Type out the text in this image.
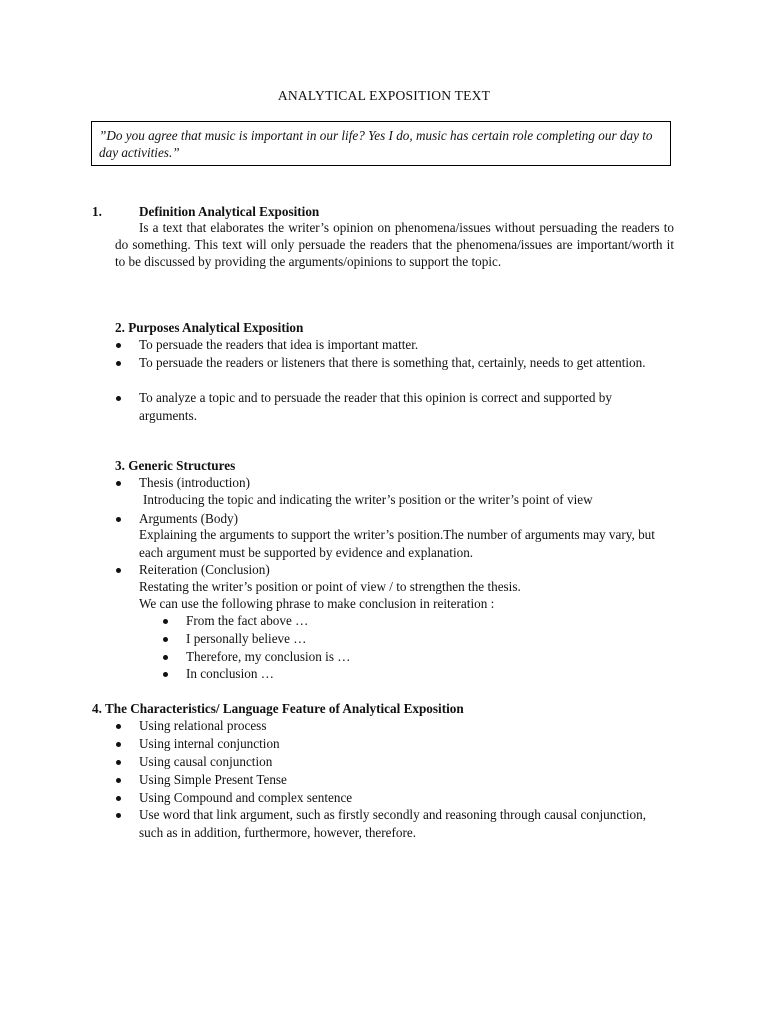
ANALYTICAL EXPOSITION TEXT
”Do you agree that music is important in our life? Yes I do, music has certain role completing our day to day activities.”
1.	Definition Analytical Exposition
Is a text that elaborates the writer’s opinion on phenomena/issues without persuading the readers to do something. This text will only persuade the readers that the phenomena/issues are important/worth it to be discussed by providing the arguments/opinions to support the topic.
2. Purposes Analytical Exposition
To persuade the readers that idea is important matter.
To persuade the readers or listeners that there is something that, certainly, needs to get attention.
To analyze a topic and to persuade the reader that this opinion is correct and supported by arguments.
3. Generic Structures
Thesis (introduction)
Introducing the topic and indicating the writer’s position or the writer’s point of view
Arguments (Body)
Explaining the arguments to support the writer’s position.The number of arguments may vary, but each argument must be supported by evidence and explanation.
Reiteration (Conclusion)
Restating the writer’s position or point of view / to strengthen the thesis.
We can use the following phrase to make conclusion in reiteration :
From the fact above …
I personally believe …
Therefore, my conclusion is …
In conclusion …
4. The Characteristics/ Language Feature of Analytical Exposition
Using relational process
Using internal conjunction
Using causal conjunction
Using Simple Present Tense
Using Compound and complex sentence
Use word that link argument, such as firstly secondly and reasoning through causal conjunction, such as in addition, furthermore, however, therefore.
